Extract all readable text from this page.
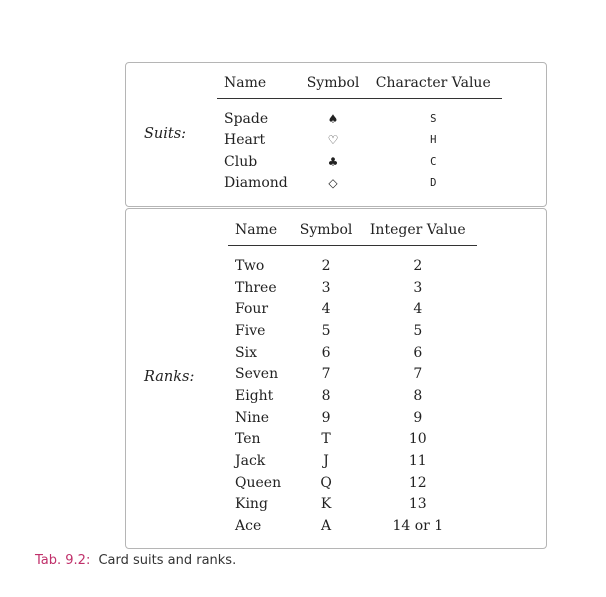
Suits:
Name	Symbol	Character Value
Spade	♠	S
Heart	♡	H
Club	♣	C
Diamond	◇	D
Ranks:
Name	Symbol	Integer Value
Two	2	2
Three	3	3
Four	4	4
Five	5	5
Six	6	6
Seven	7	7
Eight	8	8
Nine	9	9
Ten	T	10
Jack	J	11
Queen	Q	12
King	K	13
Ace	A	14 or 1
Tab. 9.2: Card suits and ranks.
